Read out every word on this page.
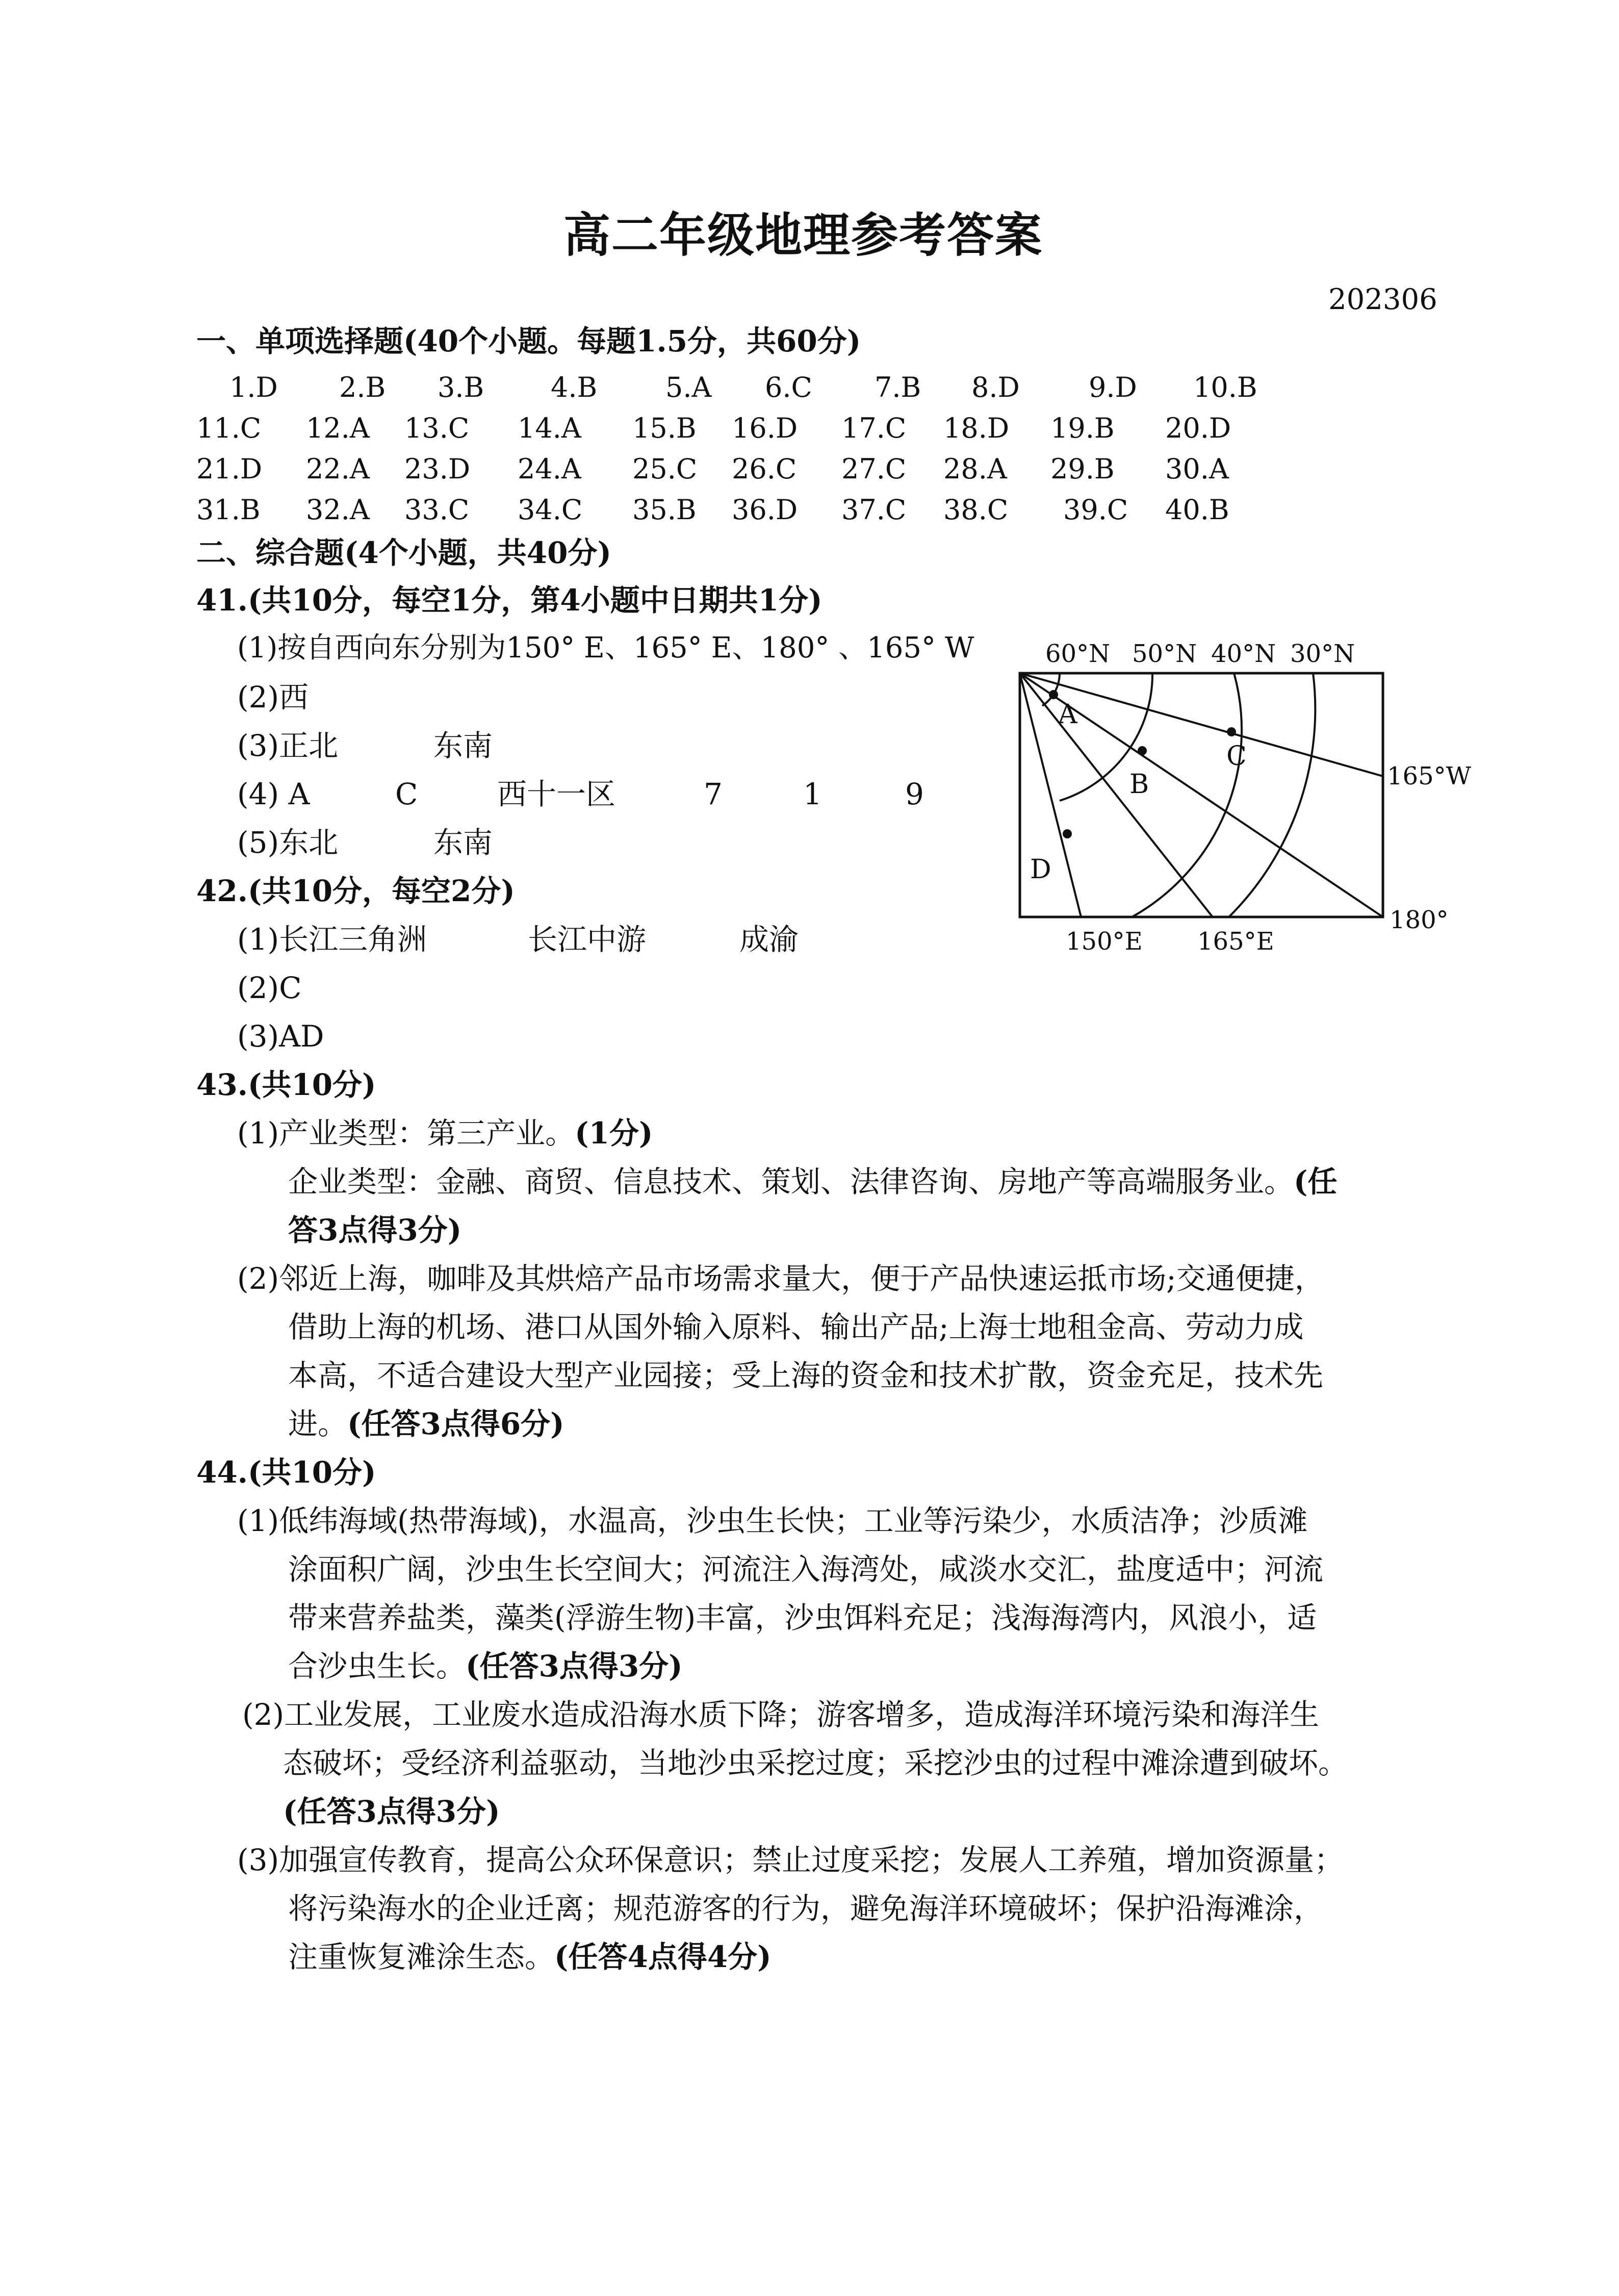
高二年级地理参考答案
202306
一、单项选择题(40个小题。每题1.5分，共60分)
1.D 2.B 3.B 4.B 5.A 6.C 7.B 8.D	9.D 10.B
11.C 12.A 13.C 14.A 15.B 16.D 17.C 18.D 19.B 20.D
21.D 22.A 23.D 24.A 25.C 26.C 27.C 28.A 29.B 30.A
31.B 32.A 33.C 34.C 35.B 36.D 37.C 38.C 39.C 40.B
二、综合题(4个小题，共40分)
41.(共10分，每空1分，第4小题中日期共1分)
(1)按自西向东分别为150° E、165° E、180° 、165° W
(2)西
(3)正北	东南
(4) A	C	西十一区	7	1	9
(5)东北	东南
60°N 50°N 40°N 30°N
A
B
C
D
165°W
180°
150°E 165°E
42.(共10分，每空2分)
(1)长江三角洲	长江中游	成渝
(2)C
(3)AD
43.(共10分)
(1)产业类型：第三产业。(1分)
企业类型：金融、商贸、信息技术、策划、法律咨询、房地产等高端服务业。(任
答3点得3分)
(2)邻近上海，咖啡及其烘焙产品市场需求量大，便于产品快速运抵市场;交通便捷，
借助上海的机场、港口从国外输入原料、输出产品;上海士地租金高、劳动力成
本高，不适合建设大型产业园接；受上海的资金和技术扩散，资金充足，技术先
进。(任答3点得6分)
44.(共10分)
(1)低纬海域(热带海域)，水温高，沙虫生长快；工业等污染少，水质洁净；沙质滩
涂面积广阔，沙虫生长空间大；河流注入海湾处，咸淡水交汇，盐度适中；河流
带来营养盐类，藻类(浮游生物)丰富，沙虫饵料充足；浅海海湾内，风浪小，适
合沙虫生长。(任答3点得3分)
(2)工业发展，工业废水造成沿海水质下降；游客增多，造成海洋环境污染和海洋生
态破坏；受经济利益驱动，当地沙虫采挖过度；采挖沙虫的过程中滩涂遭到破坏。
(任答3点得3分)
(3)加强宣传教育，提高公众环保意识；禁止过度采挖；发展人工养殖，增加资源量；
将污染海水的企业迁离；规范游客的行为，避免海洋环境破坏；保护沿海滩涂，
注重恢复滩涂生态。(任答4点得4分)
